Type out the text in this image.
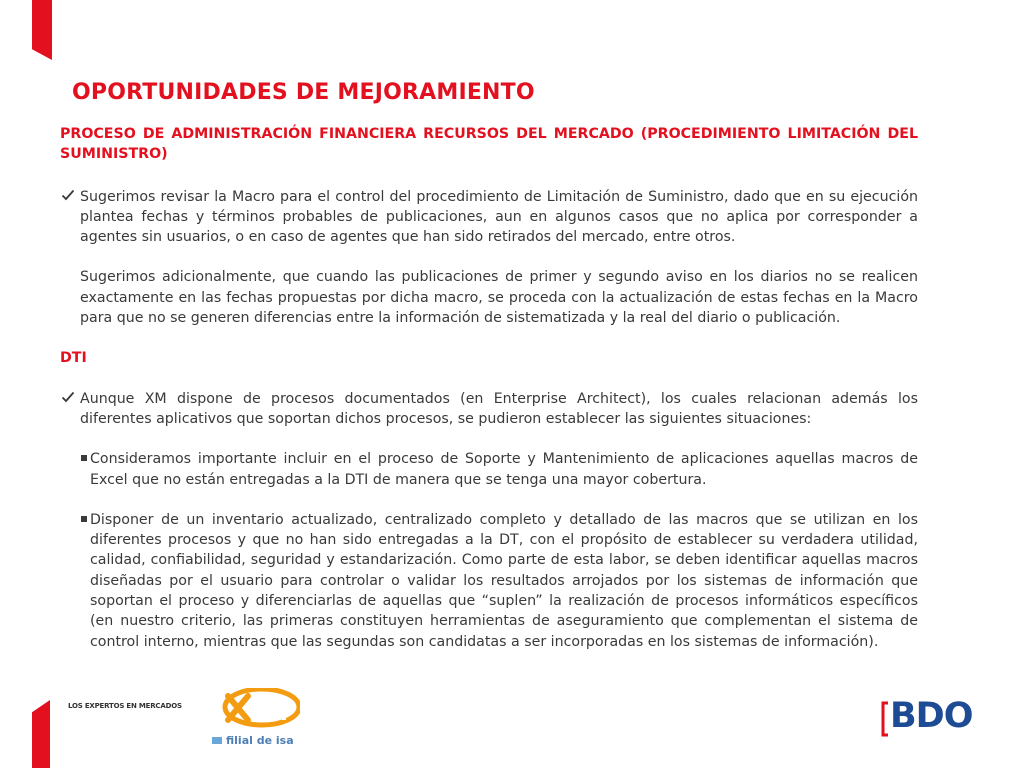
OPORTUNIDADES DE MEJORAMIENTO
PROCESO DE ADMINISTRACIÓN FINANCIERA RECURSOS DEL MERCADO (PROCEDIMIENTO LIMITACIÓN DEL SUMINISTRO)
Sugerimos revisar la Macro para el control del procedimiento de Limitación de Suministro, dado que en su ejecución plantea fechas y términos probables de publicaciones, aun en algunos casos que no aplica por corresponder a agentes sin usuarios, o en caso de agentes que han sido retirados del mercado, entre otros.
Sugerimos adicionalmente, que cuando las publicaciones de primer y segundo aviso en los diarios no se realicen exactamente en las fechas propuestas por dicha macro, se proceda con la actualización de estas fechas en la Macro para que no se generen diferencias entre la información de sistematizada y la real del diario o publicación.
DTI
Aunque XM dispone de procesos documentados (en Enterprise Architect), los cuales relacionan además los diferentes aplicativos que soportan dichos procesos, se pudieron establecer las siguientes situaciones:
Consideramos importante incluir en el proceso de Soporte y Mantenimiento de aplicaciones aquellas macros de Excel que no están entregadas a la DTI de manera que se tenga una mayor cobertura.
Disponer de un inventario actualizado, centralizado completo y detallado de las macros que se utilizan en los diferentes procesos y que no han sido entregadas a la DT, con el propósito de establecer su verdadera utilidad, calidad, confiabilidad, seguridad y estandarización. Como parte de esta labor, se deben identificar aquellas macros diseñadas por el usuario para controlar o validar los resultados arrojados por los sistemas de información que soportan el proceso y diferenciarlas de aquellas que “suplen” la realización de procesos informáticos específicos (en nuestro criterio, las primeras constituyen herramientas de aseguramiento que complementan el sistema de control interno, mientras que las segundas son candidatas a ser incorporadas en los sistemas de información).
LOS EXPERTOS EN MERCADOS
filial de isa
BDO
